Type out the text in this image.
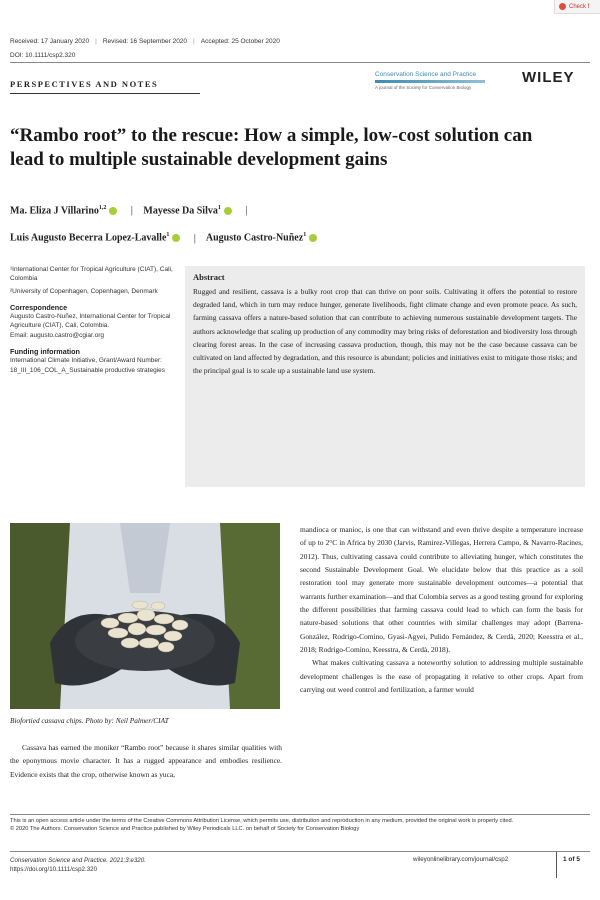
Check f
Received: 17 January 2020 | Revised: 16 September 2020 | Accepted: 25 October 2020
DOI: 10.1111/csp2.320
PERSPECTIVES AND NOTES
Conservation Science and Practice
A journal of the Society for Conservation Biology
WILEY
“Rambo root” to the rescue: How a simple, low-cost solution can lead to multiple sustainable development gains
Ma. Eliza J Villarino$^{1,2}$ | Mayesse Da Silva$^1$ |
Luis Augusto Becerra Lopez-Lavalle$^1$ | Augusto Castro-Nuñez$^1$
¹International Center for Tropical Agriculture (CIAT), Cali, Colombia
²University of Copenhagen, Copenhagen, Denmark
Correspondence
Augusto Castro-Nuñez, International Center for Tropical Agriculture (CIAT), Cali, Colombia.
Email: augusto.castro@cgiar.org
Funding information
International Climate Initiative, Grant/Award Number: 18_III_106_COL_A_Sustainable productive strategies
Abstract

Rugged and resilient, cassava is a bulky root crop that can thrive on poor soils. Cultivating it offers the potential to restore degraded land, which in turn may reduce hunger, generate livelihoods, fight climate change and even promote peace. As such, farming cassava offers a nature-based solution that can contribute to achieving numerous sustainable development targets. The authors acknowledge that scaling up production of any commodity may bring risks of deforestation and biodiversity loss through clearing forest areas. In the case of increasing cassava production, though, this may not be the case because cassava can be cultivated on land affected by degradation, and this resource is abundant; policies and initiatives exist to mitigate those risks; and the principal goal is to scale up a sustainable land use system.

Biofortied cassava chips. Photo by: Neil Palmer/CIAT

Cassava has earned the moniker “Rambo root” because it shares similar qualities with the eponymous movie character. It has a rugged appearance and embodies resilience. Evidence exists that the crop, otherwise known as yuca,

mandioca or manioc, is one that can withstand and even thrive despite a temperature increase of up to 2°C in Africa by 2030 (Jarvis, Ramirez-Villegas, Herrera Campo, & Navarro-Racines, 2012). Thus, cultivating cassava could contribute to alleviating hunger, which constitutes the second Sustainable Development Goal. We elucidate below that this practice as a soil restoration tool may generate more sustainable development outcomes—a potential that warrants further examination—and that Colombia serves as a good testing ground for exploring the different possibilities that farming cassava could lead to which can form the basis for nature-based solutions that other countries with similar challenges may adopt (Barrena-González, Rodrigo-Comino, Gyasi-Agyei, Pulido Fernández, & Cerdà, 2020; Keesstra et al., 2018; Rodrigo-Comino, Keesstra, & Cerdà, 2018).

What makes cultivating cassava a noteworthy solution to addressing multiple sustainable development challenges is the ease of propagating it relative to other crops. Apart from carrying out weed control and fertilization, a farmer would

This is an open access article under the terms of the Creative Commons Attribution License, which permits use, distribution and reproduction in any medium, provided the original work is properly cited.
© 2020 The Authors. Conservation Science and Practice published by Wiley Periodicals LLC. on behalf of Society for Conservation Biology
Conservation Science and Practice. 2021;3:e320.
https://doi.org/10.1111/csp2.320
wileyonlinelibrary.com/journal/csp2	1 of 5
